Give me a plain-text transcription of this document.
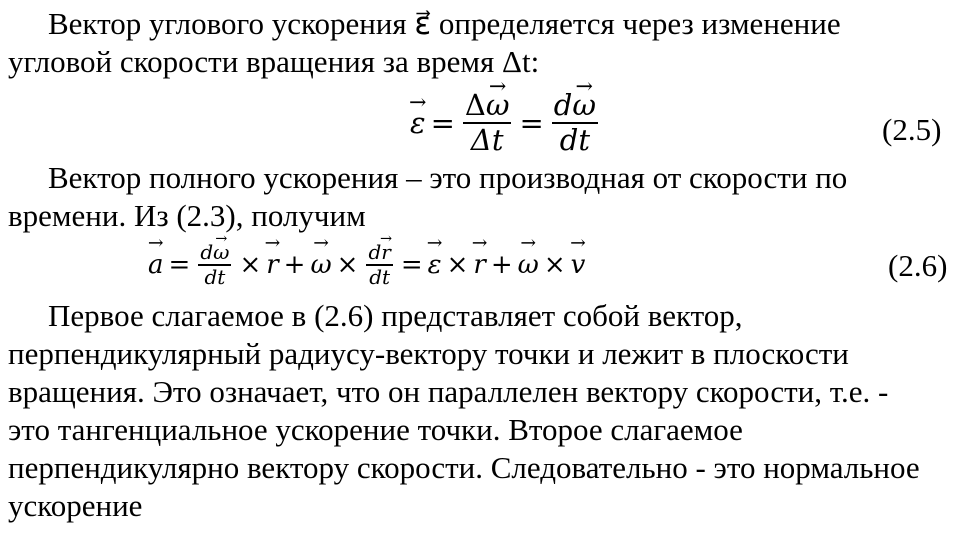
Вектор углового ускорения ε⃗ определяется через изменение
угловой скорости вращения за время Δt:
ε → = $\frac{\Delta\omega \to}{\Delta t} = \frac{d\omega \to}{dt}$	(2.5)
Вектор полного ускорения – это производная от скорости по
времени. Из (2.3), получим
a → = $\frac{d\omega \to}{dt} \times r$ → + ω → × $\frac{dr \to}{dt} = \varepsilon$ → × r → + ω → × v →	(2.6)
Первое слагаемое в (2.6) представляет собой вектор,
перпендикулярный радиусу-вектору точки и лежит в плоскости
вращения. Это означает, что он параллелен вектору скорости, т.е. -
это тангенциальное ускорение точки. Второе слагаемое
перпендикулярно вектору скорости. Следовательно - это нормальное
ускорение
